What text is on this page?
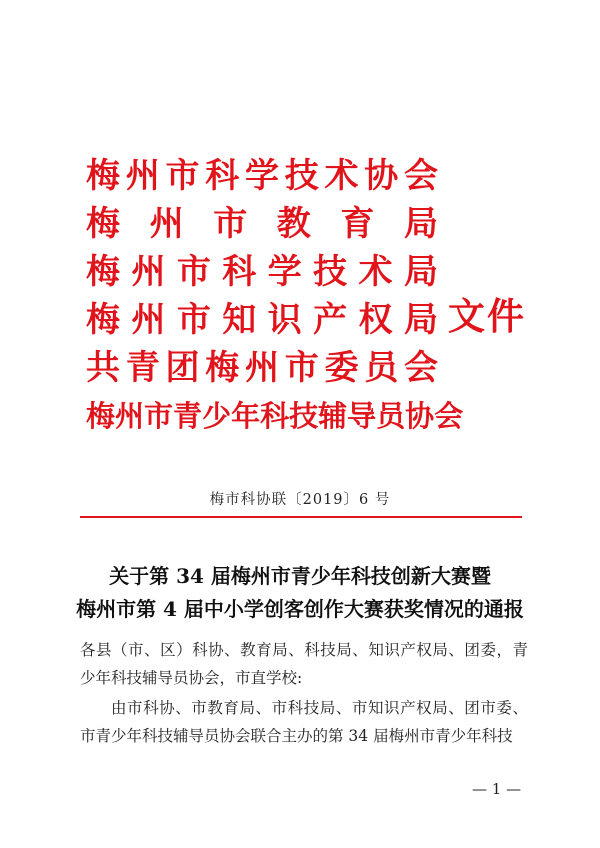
梅 州 市 科 学 技 术 协 会
梅 州 市 教 育 局
梅 州 市 科 学 技 术 局
梅 州 市 知 识 产 权 局
共 青 团 梅 州 市 委 员 会
梅 州 市 青 少 年 科 技 辅 导 员 协 会
文件
梅市科协联〔2019〕6 号
关于第 34 届梅州市青少年科技创新大赛暨
梅州市第 4 届中小学创客创作大赛获奖情况的通报
各县（市、区）科协、教育局、科技局、知识产权局、团委，青
少年科技辅导员协会，市直学校:
由市科协、市教育局、市科技局、市知识产权局、团市委、
市青少年科技辅导员协会联合主办的第 34 届梅州市青少年科技
— 1 —
